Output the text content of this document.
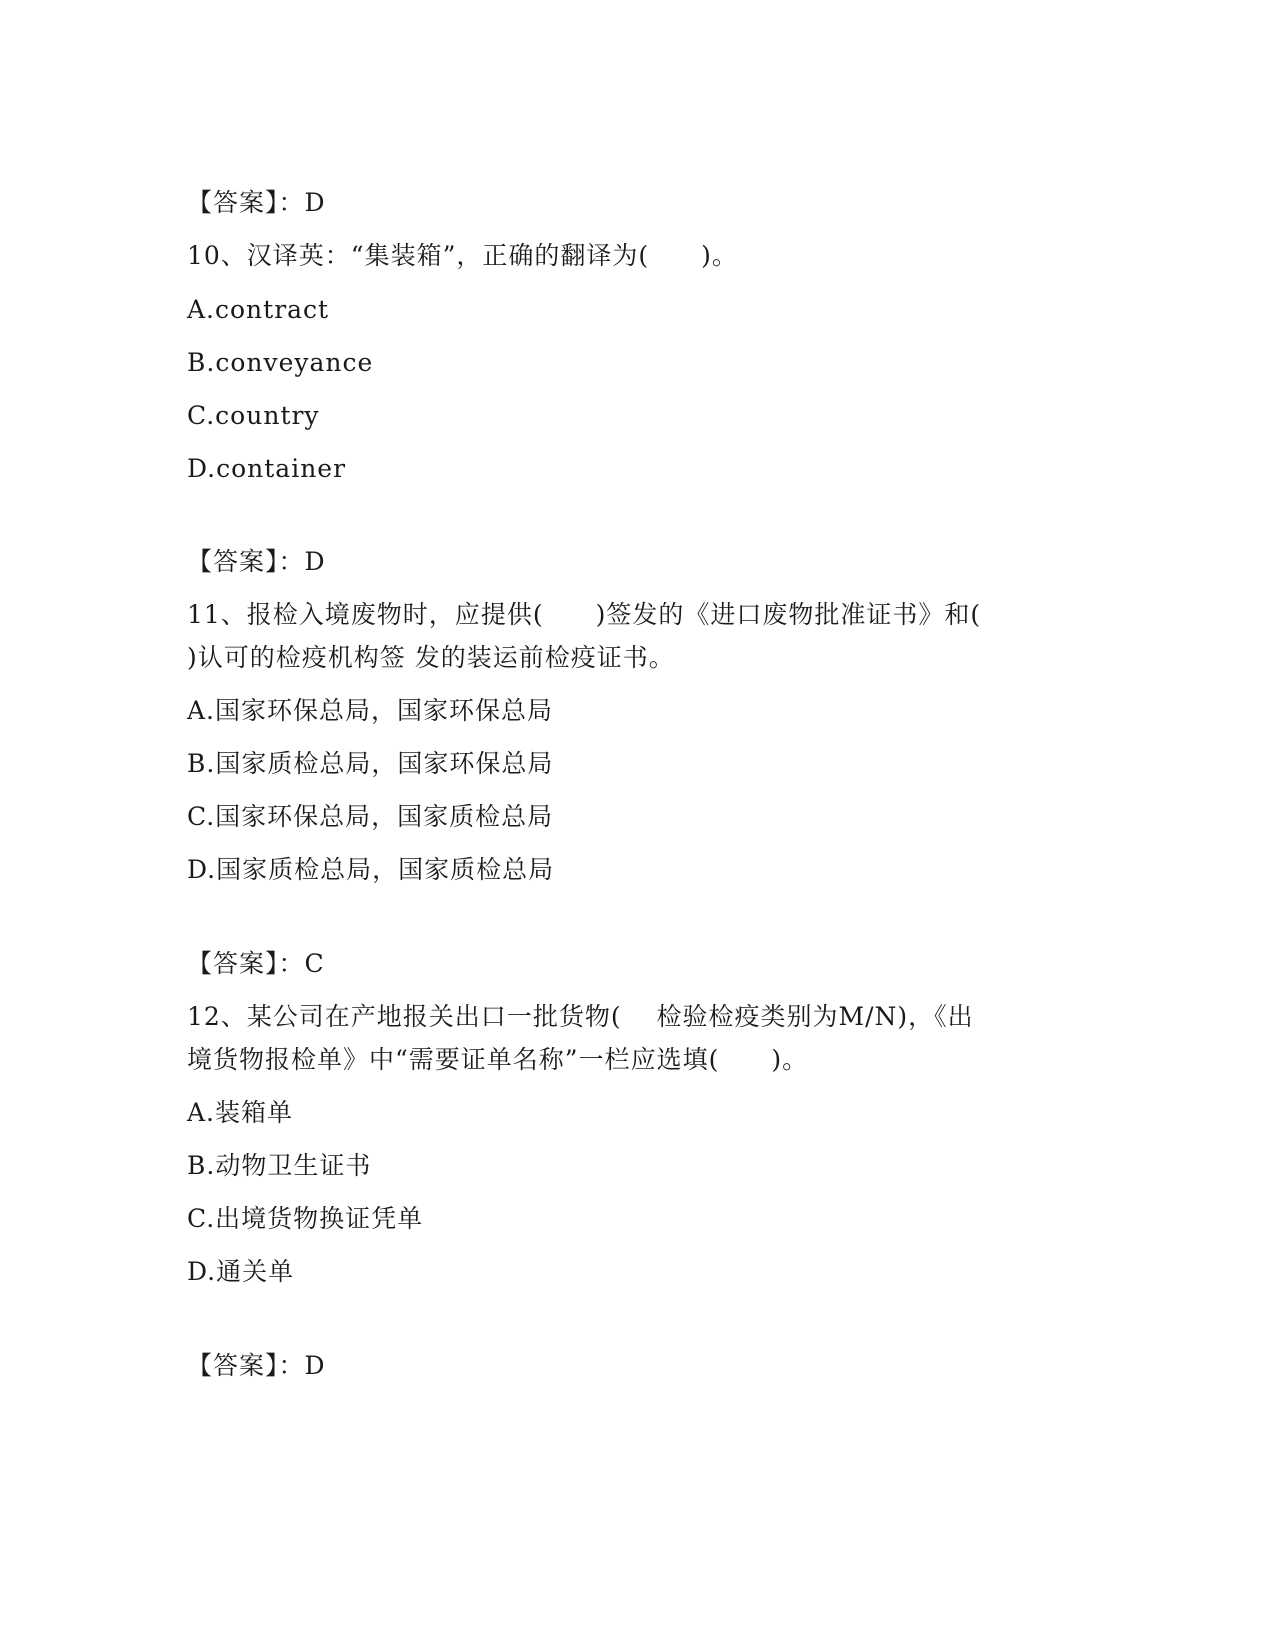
【答案】：D
10、汉译英：“集装箱”，正确的翻译为(　　)。
A.contract
B.conveyance
C.country
D.container
【答案】：D
11、报检入境废物时，应提供(　　)签发的《进口废物批准证书》和(
)认可的检疫机构签 发的装运前检疫证书。
A.国家环保总局，国家环保总局
B.国家质检总局，国家环保总局
C.国家环保总局，国家质检总局
D.国家质检总局，国家质检总局
【答案】：C
12、某公司在产地报关出口一批货物(　 检验检疫类别为M/N)，《出
境货物报检单》中“需要证单名称”一栏应选填(　　)。
A.装箱单
B.动物卫生证书
C.出境货物换证凭单
D.通关单
【答案】：D
